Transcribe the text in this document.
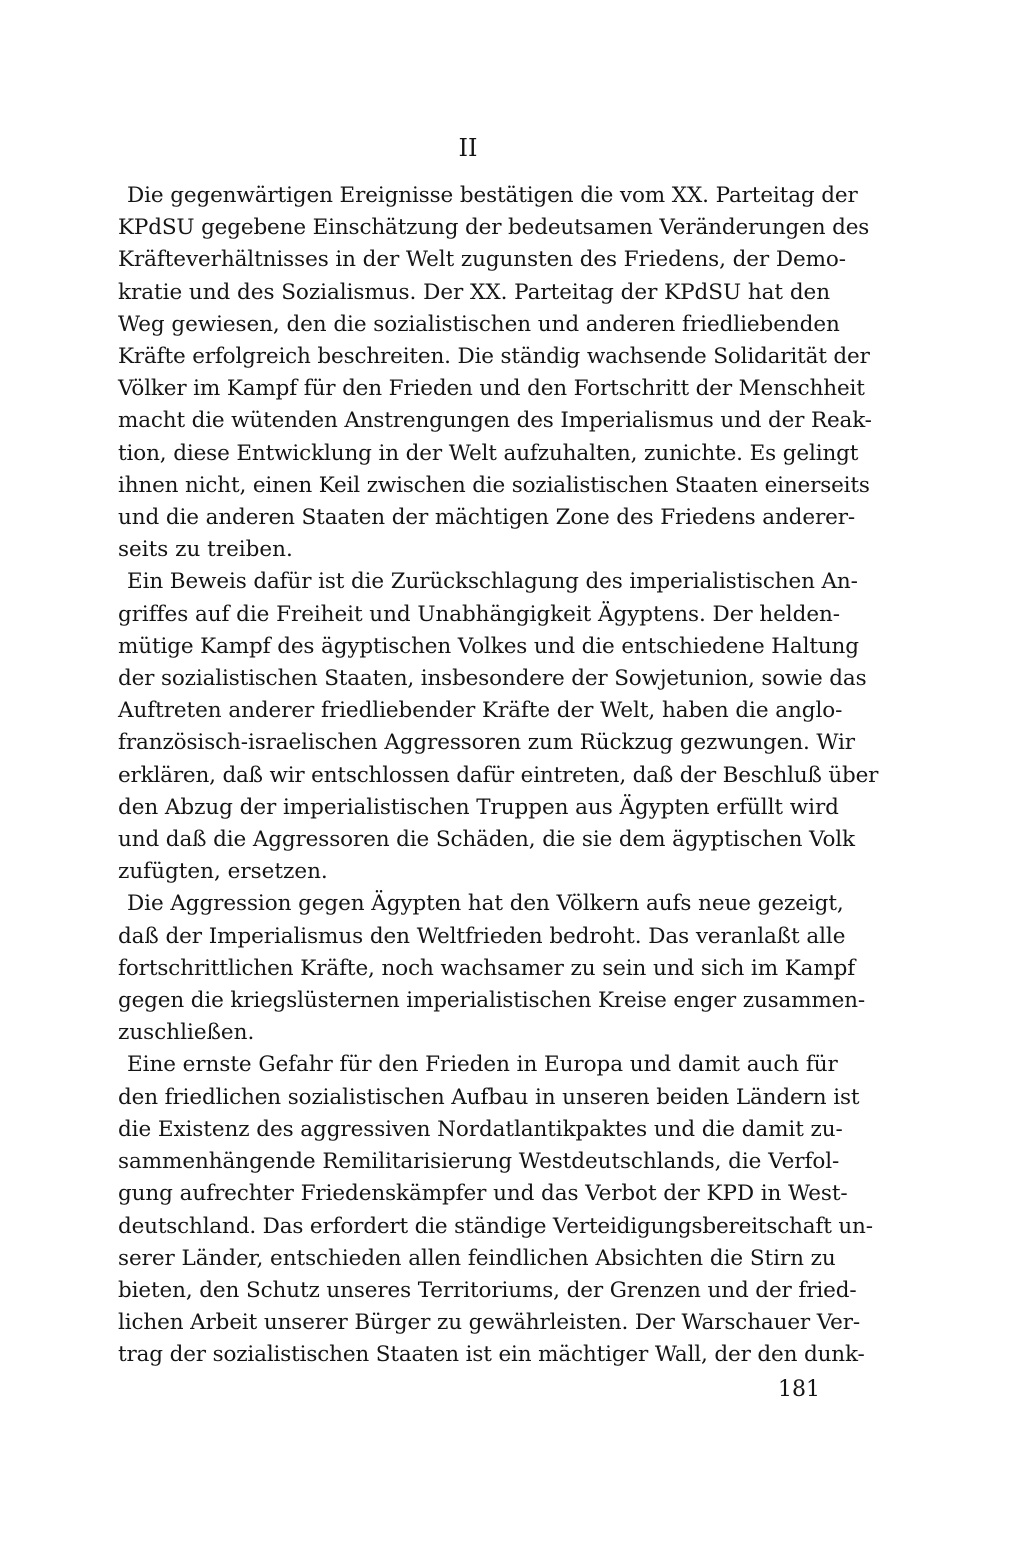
II

Die gegenwärtigen Ereignisse bestätigen die vom XX. Parteitag der
KPdSU gegebene Einschätzung der bedeutsamen Veränderungen des
Kräfteverhältnisses in der Welt zugunsten des Friedens, der Demo-
kratie und des Sozialismus. Der XX. Parteitag der KPdSU hat den
Weg gewiesen, den die sozialistischen und anderen friedliebenden
Kräfte erfolgreich beschreiten. Die ständig wachsende Solidarität der
Völker im Kampf für den Frieden und den Fortschritt der Menschheit
macht die wütenden Anstrengungen des Imperialismus und der Reak-
tion, diese Entwicklung in der Welt aufzuhalten, zunichte. Es gelingt
ihnen nicht, einen Keil zwischen die sozialistischen Staaten einerseits
und die anderen Staaten der mächtigen Zone des Friedens anderer-
seits zu treiben.

Ein Beweis dafür ist die Zurückschlagung des imperialistischen An-
griffes auf die Freiheit und Unabhängigkeit Ägyptens. Der helden-
mütige Kampf des ägyptischen Volkes und die entschiedene Haltung
der sozialistischen Staaten, insbesondere der Sowjetunion, sowie das
Auftreten anderer friedliebender Kräfte der Welt, haben die anglo-
französisch-israelischen Aggressoren zum Rückzug gezwungen. Wir
erklären, daß wir entschlossen dafür eintreten, daß der Beschluß über
den Abzug der imperialistischen Truppen aus Ägypten erfüllt wird
und daß die Aggressoren die Schäden, die sie dem ägyptischen Volk
zufügten, ersetzen.

Die Aggression gegen Ägypten hat den Völkern aufs neue gezeigt,
daß der Imperialismus den Weltfrieden bedroht. Das veranlaßt alle
fortschrittlichen Kräfte, noch wachsamer zu sein und sich im Kampf
gegen die kriegslüsternen imperialistischen Kreise enger zusammen-
zuschließen.

Eine ernste Gefahr für den Frieden in Europa und damit auch für
den friedlichen sozialistischen Aufbau in unseren beiden Ländern ist
die Existenz des aggressiven Nordatlantikpaktes und die damit zu-
sammenhängende Remilitarisierung Westdeutschlands, die Verfol-
gung aufrechter Friedenskämpfer und das Verbot der KPD in West-
deutschland. Das erfordert die ständige Verteidigungsbereitschaft un-
serer Länder, entschieden allen feindlichen Absichten die Stirn zu
bieten, den Schutz unseres Territoriums, der Grenzen und der fried-
lichen Arbeit unserer Bürger zu gewährleisten. Der Warschauer Ver-
trag der sozialistischen Staaten ist ein mächtiger Wall, der den dunk-

181
